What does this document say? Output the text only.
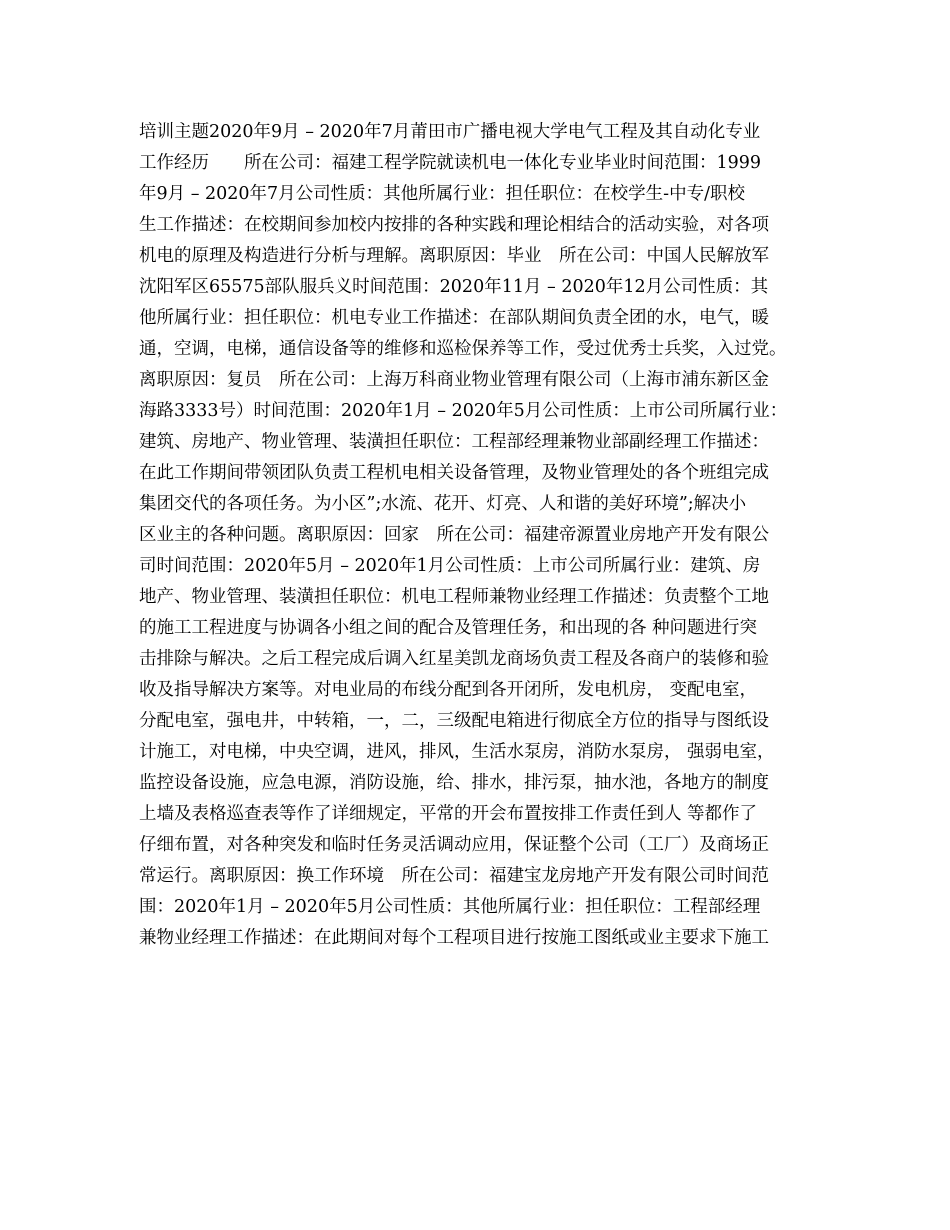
培训主题2020年9月 – 2020年7月莆田市广播电视大学电气工程及其自动化专业

工作经历　　所在公司：福建工程学院就读机电一体化专业毕业时间范围：1999

年9月 – 2020年7月公司性质：其他所属行业：担任职位：在校学生-中专/职校

生工作描述：在校期间参加校内按排的各种实践和理论相结合的活动实验，对各项

机电的原理及构造进行分析与理解。离职原因：毕业　所在公司：中国人民解放军

沈阳军区65575部队服兵义时间范围：2020年11月 – 2020年12月公司性质：其

他所属行业：担任职位：机电专业工作描述：在部队期间负责全团的水，电气，暖

通，空调，电梯，通信设备等的维修和巡检保养等工作，受过优秀士兵奖，入过党。

离职原因：复员　所在公司：上海万科商业物业管理有限公司（上海市浦东新区金

海路3333号）时间范围：2020年1月 – 2020年5月公司性质：上市公司所属行业：

建筑、房地产、物业管理、装潢担任职位：工程部经理兼物业部副经理工作描述：

在此工作期间带领团队负责工程机电相关设备管理，及物业管理处的各个班组完成

集团交代的各项任务。为小区”;水流、花开、灯亮、人和谐的美好环境”;解决小

区业主的各种问题。离职原因：回家　所在公司：福建帝源置业房地产开发有限公

司时间范围：2020年5月 – 2020年1月公司性质：上市公司所属行业：建筑、房

地产、物业管理、装潢担任职位：机电工程师兼物业经理工作描述：负责整个工地

的施工工程进度与协调各小组之间的配合及管理任务，和出现的各 种问题进行突

击排除与解决。之后工程完成后调入红星美凯龙商场负责工程及各商户的装修和验

收及指导解决方案等。对电业局的布线分配到各开闭所，发电机房， 变配电室，

分配电室，强电井，中转箱，一，二，三级配电箱进行彻底全方位的指导与图纸设

计施工，对电梯，中央空调，进风，排风，生活水泵房，消防水泵房， 强弱电室，

监控设备设施，应急电源，消防设施，给、排水，排污泵，抽水池，各地方的制度

上墙及表格巡查表等作了详细规定，平常的开会布置按排工作责任到人 等都作了

仔细布置，对各种突发和临时任务灵活调动应用，保证整个公司（工厂）及商场正

常运行。离职原因：换工作环境　所在公司：福建宝龙房地产开发有限公司时间范

围：2020年1月 – 2020年5月公司性质：其他所属行业：担任职位：工程部经理

兼物业经理工作描述：在此期间对每个工程项目进行按施工图纸或业主要求下施工
